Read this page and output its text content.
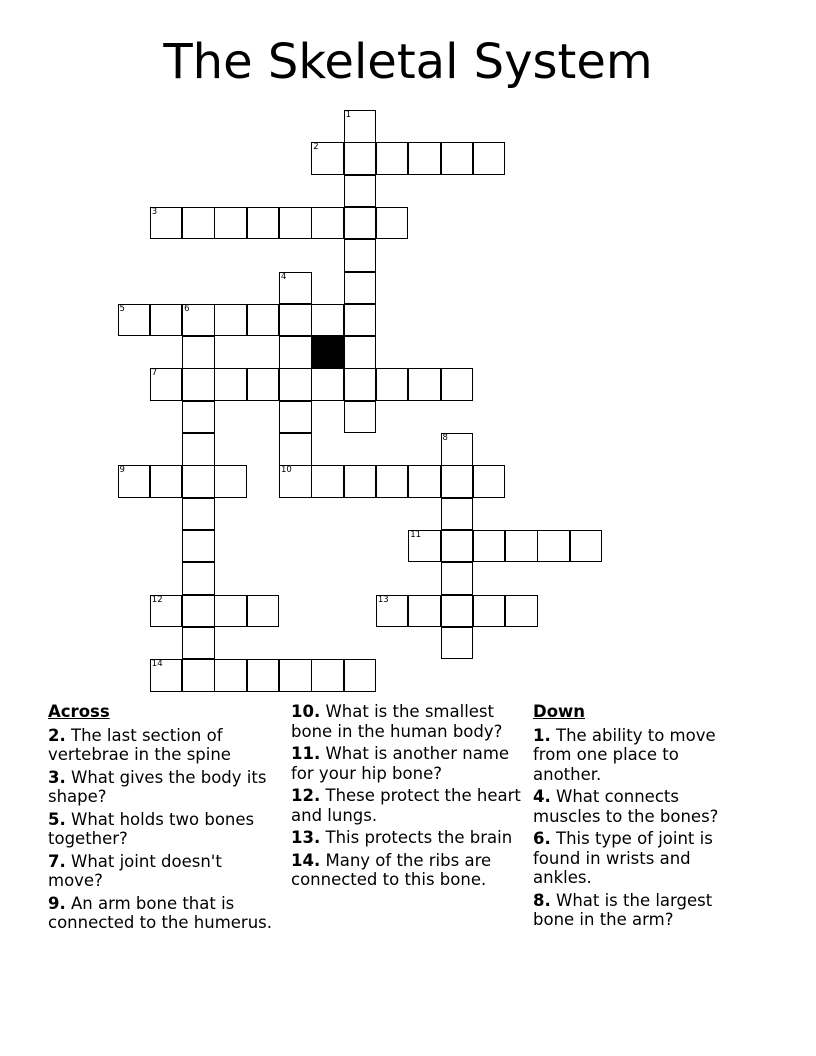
The Skeletal System
1
2
3
4
5	6
7
8
9	10
11
12	13
14
Across
2. The last section of vertebrae in the spine
3. What gives the body its shape?
5. What holds two bones together?
7. What joint doesn't move?
9. An arm bone that is connected to the humerus.
10. What is the smallest bone in the human body?
11. What is another name for your hip bone?
12. These protect the heart and lungs.
13. This protects the brain
14. Many of the ribs are connected to this bone.
Down
1. The ability to move from one place to another.
4. What connects muscles to the bones?
6. This type of joint is found in wrists and ankles.
8. What is the largest bone in the arm?
